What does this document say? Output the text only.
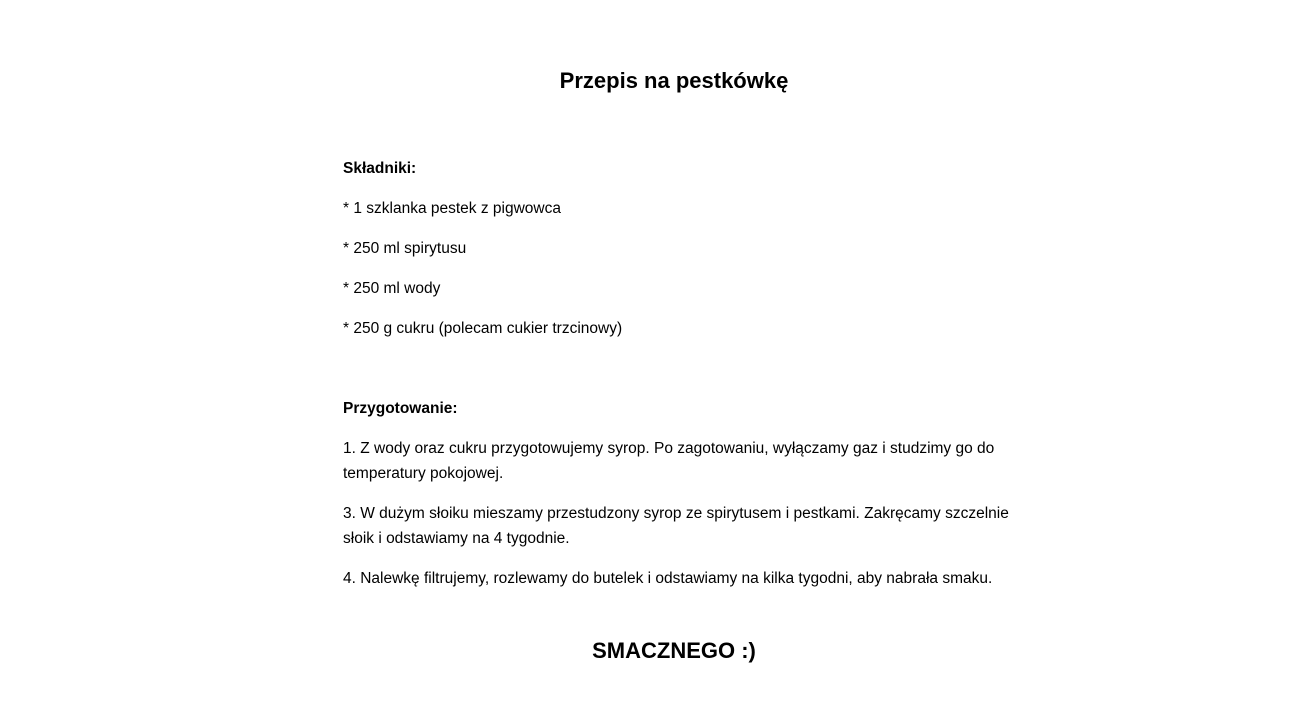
Przepis na pestkówkę
Składniki:
* 1 szklanka pestek z pigwowca
* 250 ml spirytusu
* 250 ml wody
* 250 g cukru (polecam cukier trzcinowy)
Przygotowanie:
1. Z wody oraz cukru przygotowujemy syrop. Po zagotowaniu, wyłączamy gaz i studzimy go do temperatury pokojowej.
3. W dużym słoiku mieszamy przestudzony syrop ze spirytusem i pestkami. Zakręcamy szczelnie słoik i odstawiamy na 4 tygodnie.
4. Nalewkę filtrujemy, rozlewamy do butelek i odstawiamy na kilka tygodni, aby nabrała smaku.
SMACZNEGO :)
